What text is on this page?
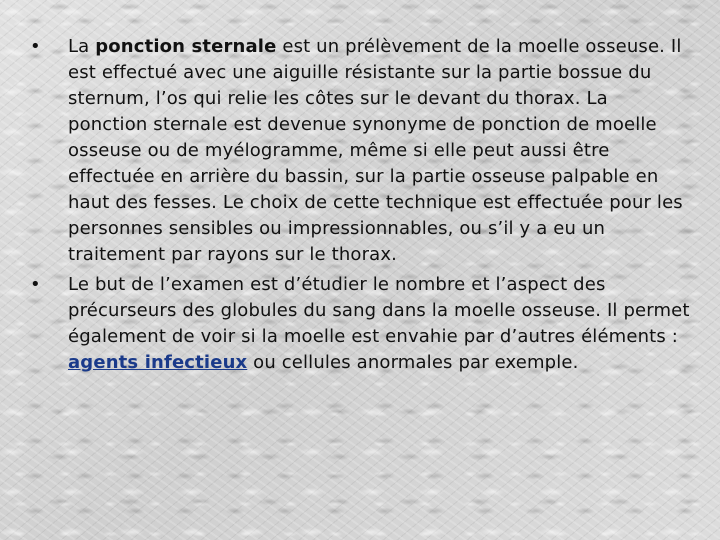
• La ponction sternale est un prélèvement de la moelle osseuse. Il est effectué avec une aiguille résistante sur la partie bossue du sternum, l’os qui relie les côtes sur le devant du thorax. La ponction sternale est devenue synonyme de ponction de moelle osseuse ou de myélogramme, même si elle peut aussi être effectuée en arrière du bassin, sur la partie osseuse palpable en haut des fesses. Le choix de cette technique est effectuée pour les personnes sensibles ou impressionnables, ou s’il y a eu un traitement par rayons sur le thorax.
• Le but de l’examen est d’étudier le nombre et l’aspect des précurseurs des globules du sang dans la moelle osseuse. Il permet également de voir si la moelle est envahie par d’autres éléments : agents infectieux ou cellules anormales par exemple.
